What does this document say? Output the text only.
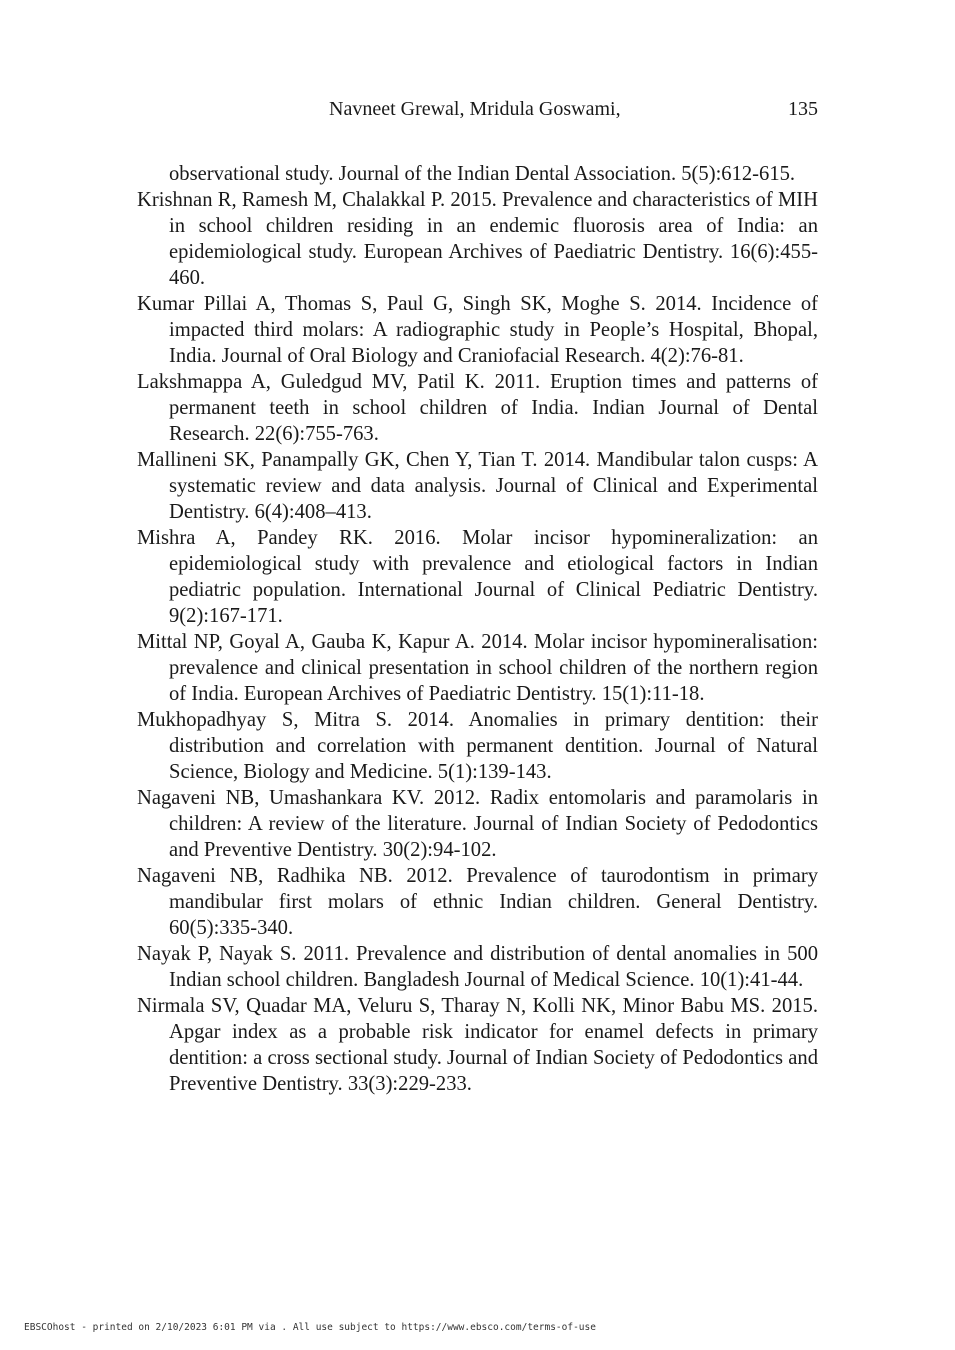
Navneet Grewal, Mridula Goswami,	135

observational study. Journal of the Indian Dental Association. 5(5):612-615.

Krishnan R, Ramesh M, Chalakkal P. 2015. Prevalence and characteristics of MIH in school children residing in an endemic fluorosis area of India: an epidemiological study. European Archives of Paediatric Dentistry. 16(6):455-460.

Kumar Pillai A, Thomas S, Paul G, Singh SK, Moghe S. 2014. Incidence of impacted third molars: A radiographic study in People’s Hospital, Bhopal, India. Journal of Oral Biology and Craniofacial Research. 4(2):76-81.

Lakshmappa A, Guledgud MV, Patil K. 2011. Eruption times and patterns of permanent teeth in school children of India. Indian Journal of Dental Research. 22(6):755-763.

Mallineni SK, Panampally GK, Chen Y, Tian T. 2014. Mandibular talon cusps: A systematic review and data analysis. Journal of Clinical and Experimental Dentistry. 6(4):408–413.

Mishra A, Pandey RK. 2016. Molar incisor hypomineralization: an epidemiological study with prevalence and etiological factors in Indian pediatric population. International Journal of Clinical Pediatric Dentistry. 9(2):167-171.

Mittal NP, Goyal A, Gauba K, Kapur A. 2014. Molar incisor hypomineralisation: prevalence and clinical presentation in school children of the northern region of India. European Archives of Paediatric Dentistry. 15(1):11-18.

Mukhopadhyay S, Mitra S. 2014. Anomalies in primary dentition: their distribution and correlation with permanent dentition. Journal of Natural Science, Biology and Medicine. 5(1):139-143.

Nagaveni NB, Umashankara KV. 2012. Radix entomolaris and paramolaris in children: A review of the literature. Journal of Indian Society of Pedodontics and Preventive Dentistry. 30(2):94-102.

Nagaveni NB, Radhika NB. 2012. Prevalence of taurodontism in primary mandibular first molars of ethnic Indian children. General Dentistry. 60(5):335-340.

Nayak P, Nayak S. 2011. Prevalence and distribution of dental anomalies in 500 Indian school children. Bangladesh Journal of Medical Science. 10(1):41-44.

Nirmala SV, Quadar MA, Veluru S, Tharay N, Kolli NK, Minor Babu MS. 2015. Apgar index as a probable risk indicator for enamel defects in primary dentition: a cross sectional study. Journal of Indian Society of Pedodontics and Preventive Dentistry. 33(3):229-233.

EBSCOhost - printed on 2/10/2023 6:01 PM via . All use subject to https://www.ebsco.com/terms-of-use
